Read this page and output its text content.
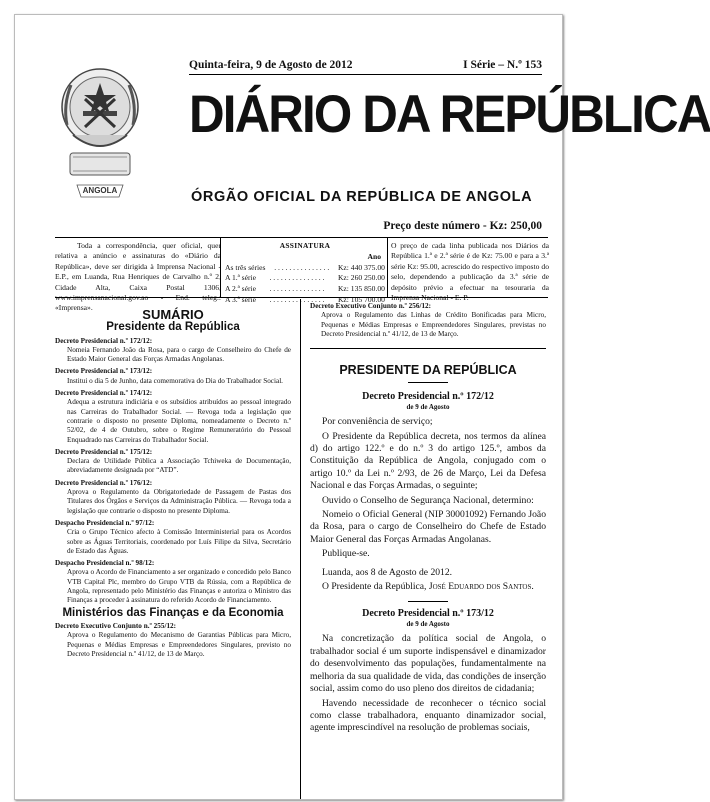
ANGOLA
Quinta-feira, 9 de Agosto de 2012	I Série – N.º 153
DIÁRIO DA REPÚBLICA
ÓRGÃO OFICIAL DA REPÚBLICA DE ANGOLA
Preço deste número - Kz: 250,00

Toda a correspondência, quer oficial, quer relativa a anúncio e assinaturas do «Diário da República», deve ser dirigida à Imprensa Nacional - E.P., em Luanda, Rua Henriques de Carvalho n.º 2, Cidade Alta, Caixa Postal 1306, www.imprensanacional.gov.ao - End. teleg.: «Imprensa».

ASSINATURA
Ano
As três séries . . . . . . . . . . . . . . . Kz: 440 375.00
A 1.ª série . . . . . . . . . . . . . . . Kz: 260 250.00
A 2.ª série . . . . . . . . . . . . . . . Kz: 135 850.00
A 3.ª série . . . . . . . . . . . . . . . Kz: 105 700.00
O preço de cada linha publicada nos Diários da República 1.ª e 2.ª série é de Kz: 75.00 e para a 3.ª série Kz: 95.00, acrescido do respectivo imposto do selo, dependendo a publicação da 3.ª série de depósito prévio a efectuar na tesouraria da Imprensa Nacional - E. P.
SUMÁRIO
Presidente da República
Decreto Presidencial n.º 172/12:
Nomeia Fernando João da Rosa, para o cargo de Conselheiro do Chefe de Estado Maior General das Forças Armadas Angolanas.
Decreto Presidencial n.º 173/12:
Institui o dia 5 de Junho, data comemorativa do Dia do Trabalhador Social.
Decreto Presidencial n.º 174/12:
Adequa a estrutura indiciária e os subsídios atribuídos ao pessoal integrado nas Carreiras do Trabalhador Social. — Revoga toda a legislação que contrarie o disposto no presente Diploma, nomeadamente o Decreto n.º 52/02, de 4 de Outubro, sobre o Regime Remuneratório do Pessoal Enquadrado nas Carreiras do Trabalhador Social.
Decreto Presidencial n.º 175/12:
Declara de Utilidade Pública a Associação Tchiweka de Documentação, abreviadamente designada por “ATD”.
Decreto Presidencial n.º 176/12:
Aprova o Regulamento da Obrigatoriedade de Passagem de Pastas dos Titulares dos Órgãos e Serviços da Administração Pública. — Revoga toda a legislação que contrarie o disposto no presente Diploma.
Despacho Presidencial n.º 97/12:
Cria o Grupo Técnico afecto à Comissão Interministerial para os Acordos sobre as Águas Territoriais, coordenado por Luís Filipe da Silva, Secretário de Estado das Águas.
Despacho Presidencial n.º 98/12:
Aprova o Acordo de Financiamento a ser organizado e concedido pelo Banco VTB Capital Plc, membro do Grupo VTB da Rússia, com a República de Angola, representado pelo Ministério das Finanças e autoriza o Ministro das Finanças a proceder à assinatura do referido Acordo de Financiamento.
Ministérios das Finanças e da Economia
Decreto Executivo Conjunto n.º 255/12:
Aprova o Regulamento do Mecanismo de Garantias Públicas para Micro, Pequenas e Médias Empresas e Empreendedores Singulares, previsto no Decreto Presidencial n.º 41/12, de 13 de Março.
Decreto Executivo Conjunto n.º 256/12:
Aprova o Regulamento das Linhas de Crédito Bonificadas para Micro, Pequenas e Médias Empresas e Empreendedores Singulares, previstas no Decreto Presidencial n.º 41/12, de 13 de Março.
PRESIDENTE DA REPÚBLICA
Decreto Presidencial n.º 172/12
de 9 de Agosto

Por conveniência de serviço;

O Presidente da República decreta, nos termos da alínea d) do artigo 122.º e do n.º 3 do artigo 125.º, ambos da Constituição da República de Angola, conjugado com o artigo 10.º da Lei n.º 2/93, de 26 de Março, Lei da Defesa Nacional e das Forças Armadas, o seguinte;

Ouvido o Conselho de Segurança Nacional, determino:

Nomeio o Oficial General (NIP 30001092) Fernando João da Rosa, para o cargo de Conselheiro do Chefe de Estado Maior General das Forças Armadas Angolanas.

Publique-se.

Luanda, aos 8 de Agosto de 2012.

O Presidente da República, José Eduardo dos Santos.

Decreto Presidencial n.º 173/12
de 9 de Agosto

Na concretização da política social de Angola, o trabalhador social é um suporte indispensável e dinamizador do desenvolvimento das populações, fundamentalmente na melhoria da sua qualidade de vida, das condições de inserção social, assim como do uso pleno dos direitos de cidadania;

Havendo necessidade de reconhecer o técnico social como classe trabalhadora, enquanto dinamizador social, agente imprescindível na resolução de problemas sociais,
